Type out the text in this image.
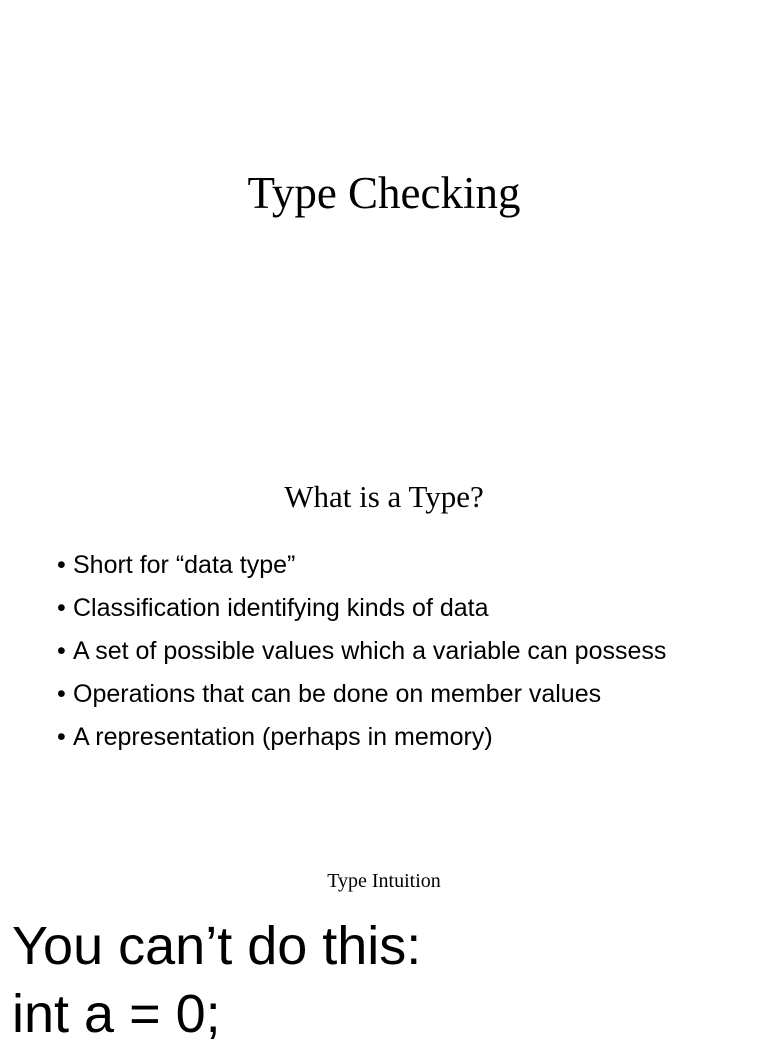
Type Checking
What is a Type?
• Short for “data type”
• Classification identifying kinds of data
• A set of possible values which a variable can possess
• Operations that can be done on member values
• A representation (perhaps in memory)
Type Intuition
You can’t do this:
int a = 0;
